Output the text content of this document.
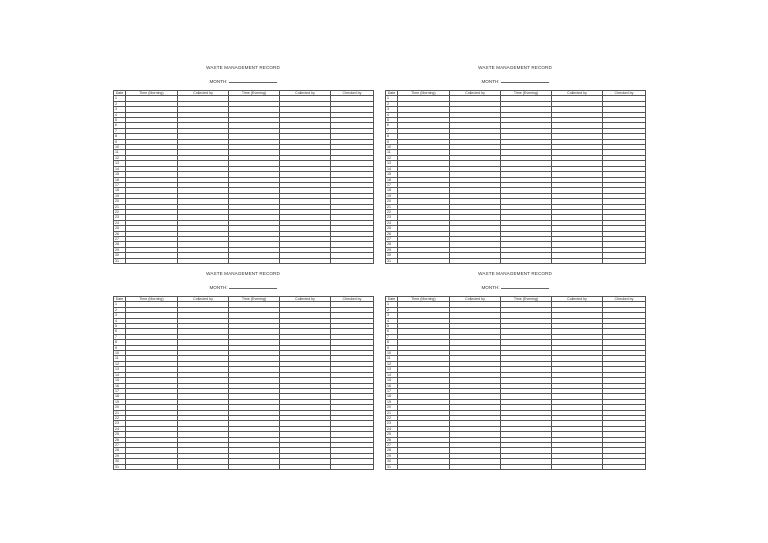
WASTE MANAGEMENT RECORD
MONTH:
Date	Time (Morning)	Collected by	Time (Evening)	Collected by	Checked by
1					
2					
3					
4					
5					
6					
7					
8					
9					
10					
11					
12					
13					
14					
15					
16					
17					
18					
19					
20					
21					
22					
23					
24					
25					
26					
27					
28					
29					
30					
31					
WASTE MANAGEMENT RECORD
MONTH:
Date	Time (Morning)	Collected by	Time (Evening)	Collected by	Checked by
1					
2					
3					
4					
5					
6					
7					
8					
9					
10					
11					
12					
13					
14					
15					
16					
17					
18					
19					
20					
21					
22					
23					
24					
25					
26					
27					
28					
29					
30					
31					
WASTE MANAGEMENT RECORD
MONTH:
Date	Time (Morning)	Collected by	Time (Evening)	Collected by	Checked by
1					
2					
3					
4					
5					
6					
7					
8					
9					
10					
11					
12					
13					
14					
15					
16					
17					
18					
19					
20					
21					
22					
23					
24					
25					
26					
27					
28					
29					
30					
31					
WASTE MANAGEMENT RECORD
MONTH:
Date	Time (Morning)	Collected by	Time (Evening)	Collected by	Checked by
1					
2					
3					
4					
5					
6					
7					
8					
9					
10					
11					
12					
13					
14					
15					
16					
17					
18					
19					
20					
21					
22					
23					
24					
25					
26					
27					
28					
29					
30					
31					
